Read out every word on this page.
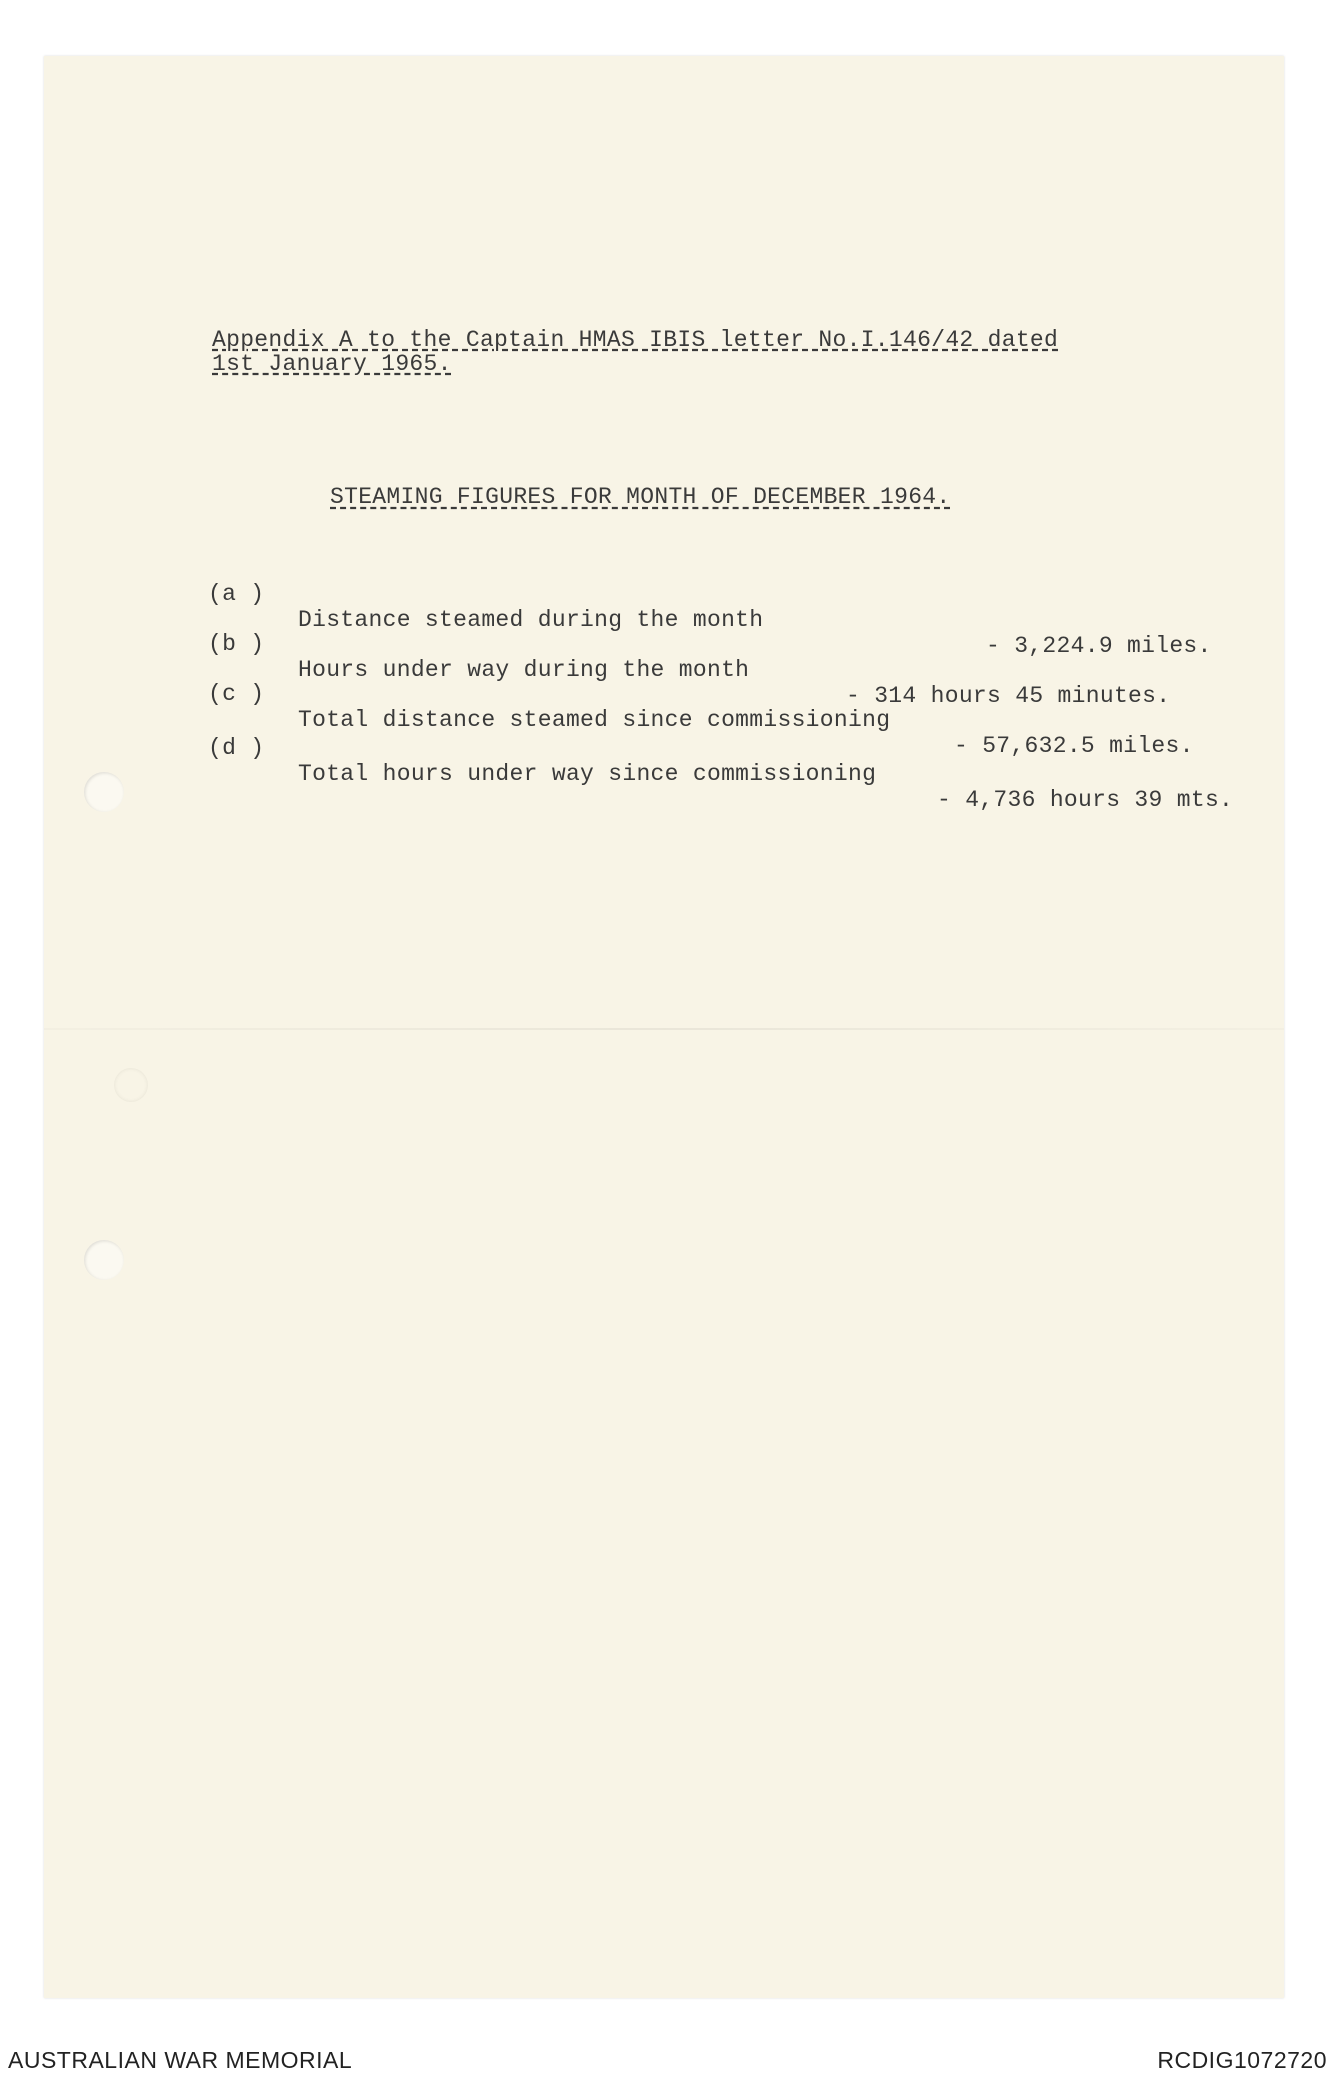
Appendix A to the Captain HMAS IBIS letter No.I.146/42 dated
1st January 1965.
STEAMING FIGURES FOR MONTH OF DECEMBER 1964.

(a )

Distance steamed during the month

- 3,224.9 miles.

(b )

Hours under way during the month

- 314 hours 45 minutes.

(c )

Total distance steamed since commissioning

- 57,632.5 miles.

(d )

Total hours under way since commissioning

- 4,736 hours 39 mts.

AUSTRALIAN WAR MEMORIAL	RCDIG1072720
